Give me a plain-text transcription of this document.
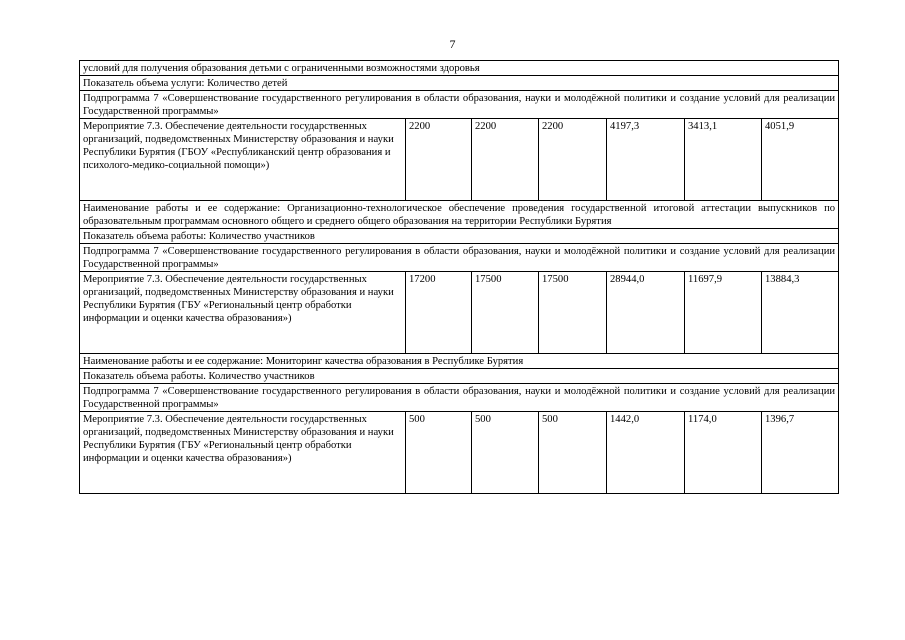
7
условий для получения образования детьми с ограниченными возможностями здоровья						
Показатель объема услуги: Количество детей						
Подпрограмма 7 «Совершенствование государственного регулирования в области образования, науки и молодёжной политики и создание условий для реализации Государственной программы»						
Мероприятие 7.3. Обеспечение деятельности государственных организаций, подведомственных Министерству образования и науки Республики Бурятия (ГБОУ «Республиканский центр образования и психолого-медико-социальной помощи»)	2200	2200	2200	4197,3	3413,1	4051,9
Наименование работы и ее содержание: Организационно-технологическое обеспечение проведения государственной итоговой аттестации выпускников по образовательным программам основного общего и среднего общего образования на территории Республики Бурятия						
Показатель объема работы: Количество участников						
Подпрограмма 7 «Совершенствование государственного регулирования в области образования, науки и молодёжной политики и создание условий для реализации Государственной программы»						
Мероприятие 7.3. Обеспечение деятельности государственных организаций, подведомственных Министерству образования и науки Республики Бурятия (ГБУ «Региональный центр обработки информации и оценки качества образования»)	17200	17500	17500	28944,0	11697,9	13884,3
Наименование работы и ее содержание: Мониторинг качества образования в Республике Бурятия						
Показатель объема работы. Количество участников						
Подпрограмма 7 «Совершенствование государственного регулирования в области образования, науки и молодёжной политики и создание условий для реализации Государственной программы»						
Мероприятие 7.3. Обеспечение деятельности государственных организаций, подведомственных Министерству образования и науки Республики Бурятия (ГБУ «Региональный центр обработки информации и оценки качества образования»)	500	500	500	1442,0	1174,0	1396,7
